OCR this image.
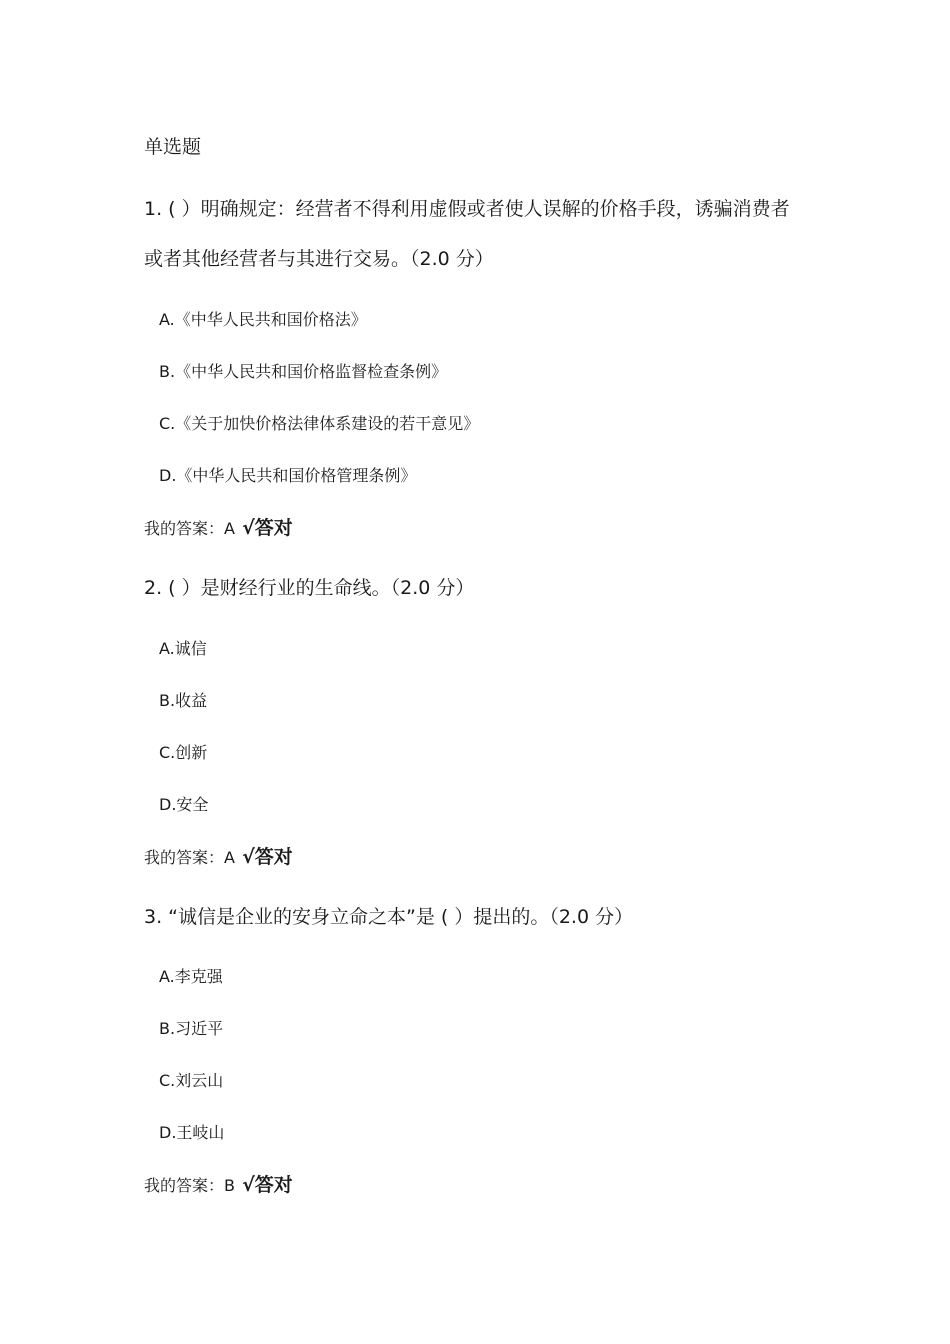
单选题
1. ( ）明确规定：经营者不得利用虚假或者使人误解的价格手段，诱骗消费者
或者其他经营者与其进行交易。（2.0 分）
A.《中华人民共和国价格法》
B.《中华人民共和国价格监督检查条例》
C.《关于加快价格法律体系建设的若干意见》
D.《中华人民共和国价格管理条例》
我的答案：A √答对
2. ( ）是财经行业的生命线。（2.0 分）
A.诚信
B.收益
C.创新
D.安全
我的答案：A √答对
3. “诚信是企业的安身立命之本”是 ( ）提出的。（2.0 分）
A.李克强
B.习近平
C.刘云山
D.王岐山
我的答案：B √答对
